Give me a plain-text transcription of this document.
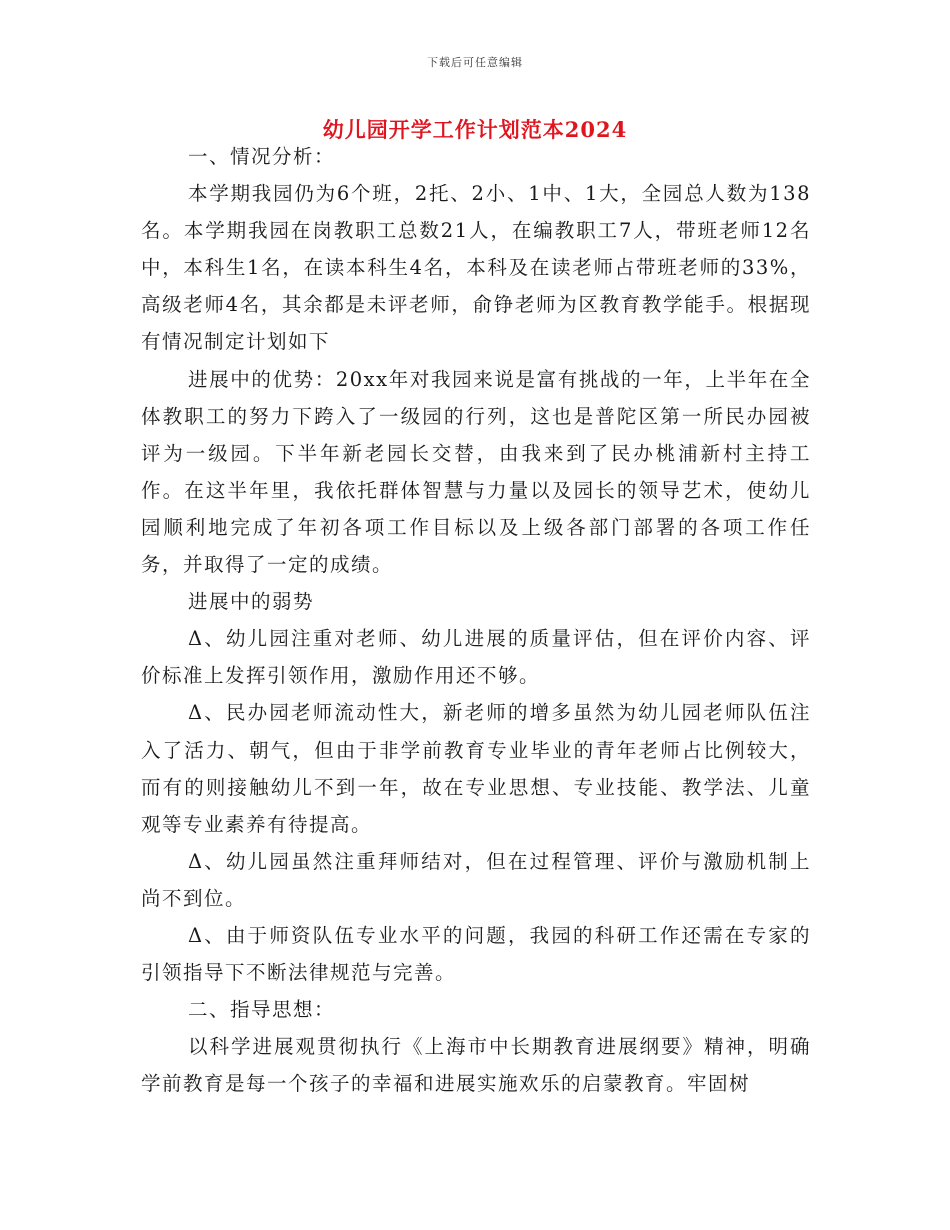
下载后可任意编辑
幼儿园开学工作计划范本2024

一、情况分析：

本学期我园仍为6个班，2托、2小、1中、1大，全园总人数为138名。本学期我园在岗教职工总数21人，在编教职工7人，带班老师12名中，本科生1名，在读本科生4名，本科及在读老师占带班老师的33%，高级老师4名，其余都是未评老师，俞铮老师为区教育教学能手。根据现有情况制定计划如下

进展中的优势：20xx年对我园来说是富有挑战的一年，上半年在全体教职工的努力下跨入了一级园的行列，这也是普陀区第一所民办园被评为一级园。下半年新老园长交替，由我来到了民办桃浦新村主持工作。在这半年里，我依托群体智慧与力量以及园长的领导艺术，使幼儿园顺利地完成了年初各项工作目标以及上级各部门部署的各项工作任务，并取得了一定的成绩。

进展中的弱势

Δ、幼儿园注重对老师、幼儿进展的质量评估，但在评价内容、评价标准上发挥引领作用，激励作用还不够。

Δ、民办园老师流动性大，新老师的增多虽然为幼儿园老师队伍注入了活力、朝气，但由于非学前教育专业毕业的青年老师占比例较大，而有的则接触幼儿不到一年，故在专业思想、专业技能、教学法、儿童观等专业素养有待提高。

Δ、幼儿园虽然注重拜师结对，但在过程管理、评价与激励机制上尚不到位。

Δ、由于师资队伍专业水平的问题，我园的科研工作还需在专家的引领指导下不断法律规范与完善。

二、指导思想：

以科学进展观贯彻执行《上海市中长期教育进展纲要》精神，明确学前教育是每一个孩子的幸福和进展实施欢乐的启蒙教育。牢固树
